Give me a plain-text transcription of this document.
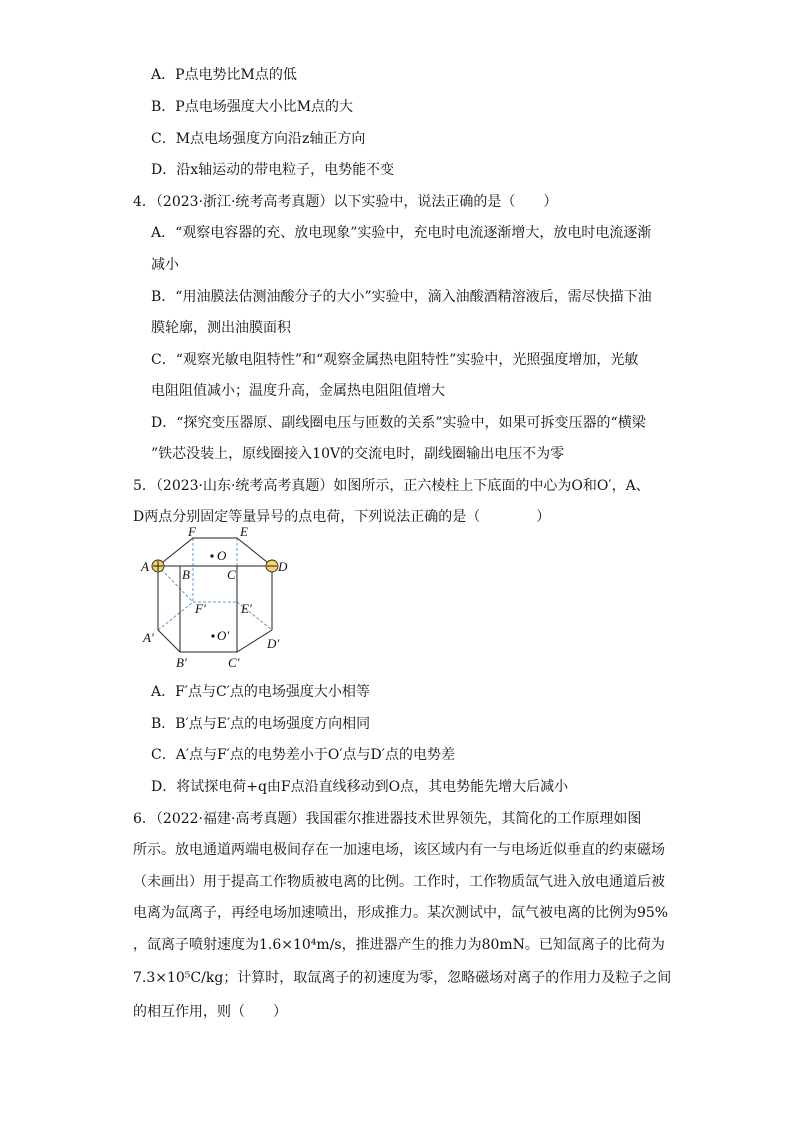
A．P点电势比M点的低
B．P点电场强度大小比M点的大
C．M点电场强度方向沿z轴正方向
D．沿x轴运动的带电粒子，电势能不变
4．（2023·浙江·统考高考真题）以下实验中，说法正确的是（　　）
A．“观察电容器的充、放电现象”实验中，充电时电流逐渐增大，放电时电流逐渐
减小
B．“用油膜法估测油酸分子的大小”实验中，滴入油酸酒精溶液后，需尽快描下油
膜轮廓，测出油膜面积
C．“观察光敏电阻特性”和“观察金属热电阻特性”实验中，光照强度增加，光敏
电阻阻值减小；温度升高，金属热电阻阻值增大
D．“探究变压器原、副线圈电压与匝数的关系”实验中，如果可拆变压器的“横梁
”铁芯没装上，原线圈接入10V的交流电时，副线圈输出电压不为零
5．（2023·山东·统考高考真题）如图所示，正六棱柱上下底面的中心为O和O′，A、
D两点分别固定等量异号的点电荷，下列说法正确的是（　　　　）
A．F′点与C′点的电场强度大小相等
B．B′点与E′点的电场强度方向相同
C．A′点与F′点的电势差小于O′点与D′点的电势差
D．将试探电荷+q由F点沿直线移动到O点，其电势能先增大后减小
6．（2022·福建·高考真题）我国霍尔推进器技术世界领先，其简化的工作原理如图
所示。放电通道两端电极间存在一加速电场，该区域内有一与电场近似垂直的约束磁场
（未画出）用于提高工作物质被电离的比例。工作时，工作物质氙气进入放电通道后被
电离为氙离子，再经电场加速喷出，形成推力。某次测试中，氙气被电离的比例为95%
，氙离子喷射速度为1.6×10⁴m/s，推进器产生的推力为80mN。已知氙离子的比荷为
7.3×10⁵C/kg；计算时，取氙离子的初速度为零，忽略磁场对离子的作用力及粒子之间
的相互作用，则（　　）
A
B	C
D
E
F
O
A′
B′	C′
D′
E′
F′
O′
